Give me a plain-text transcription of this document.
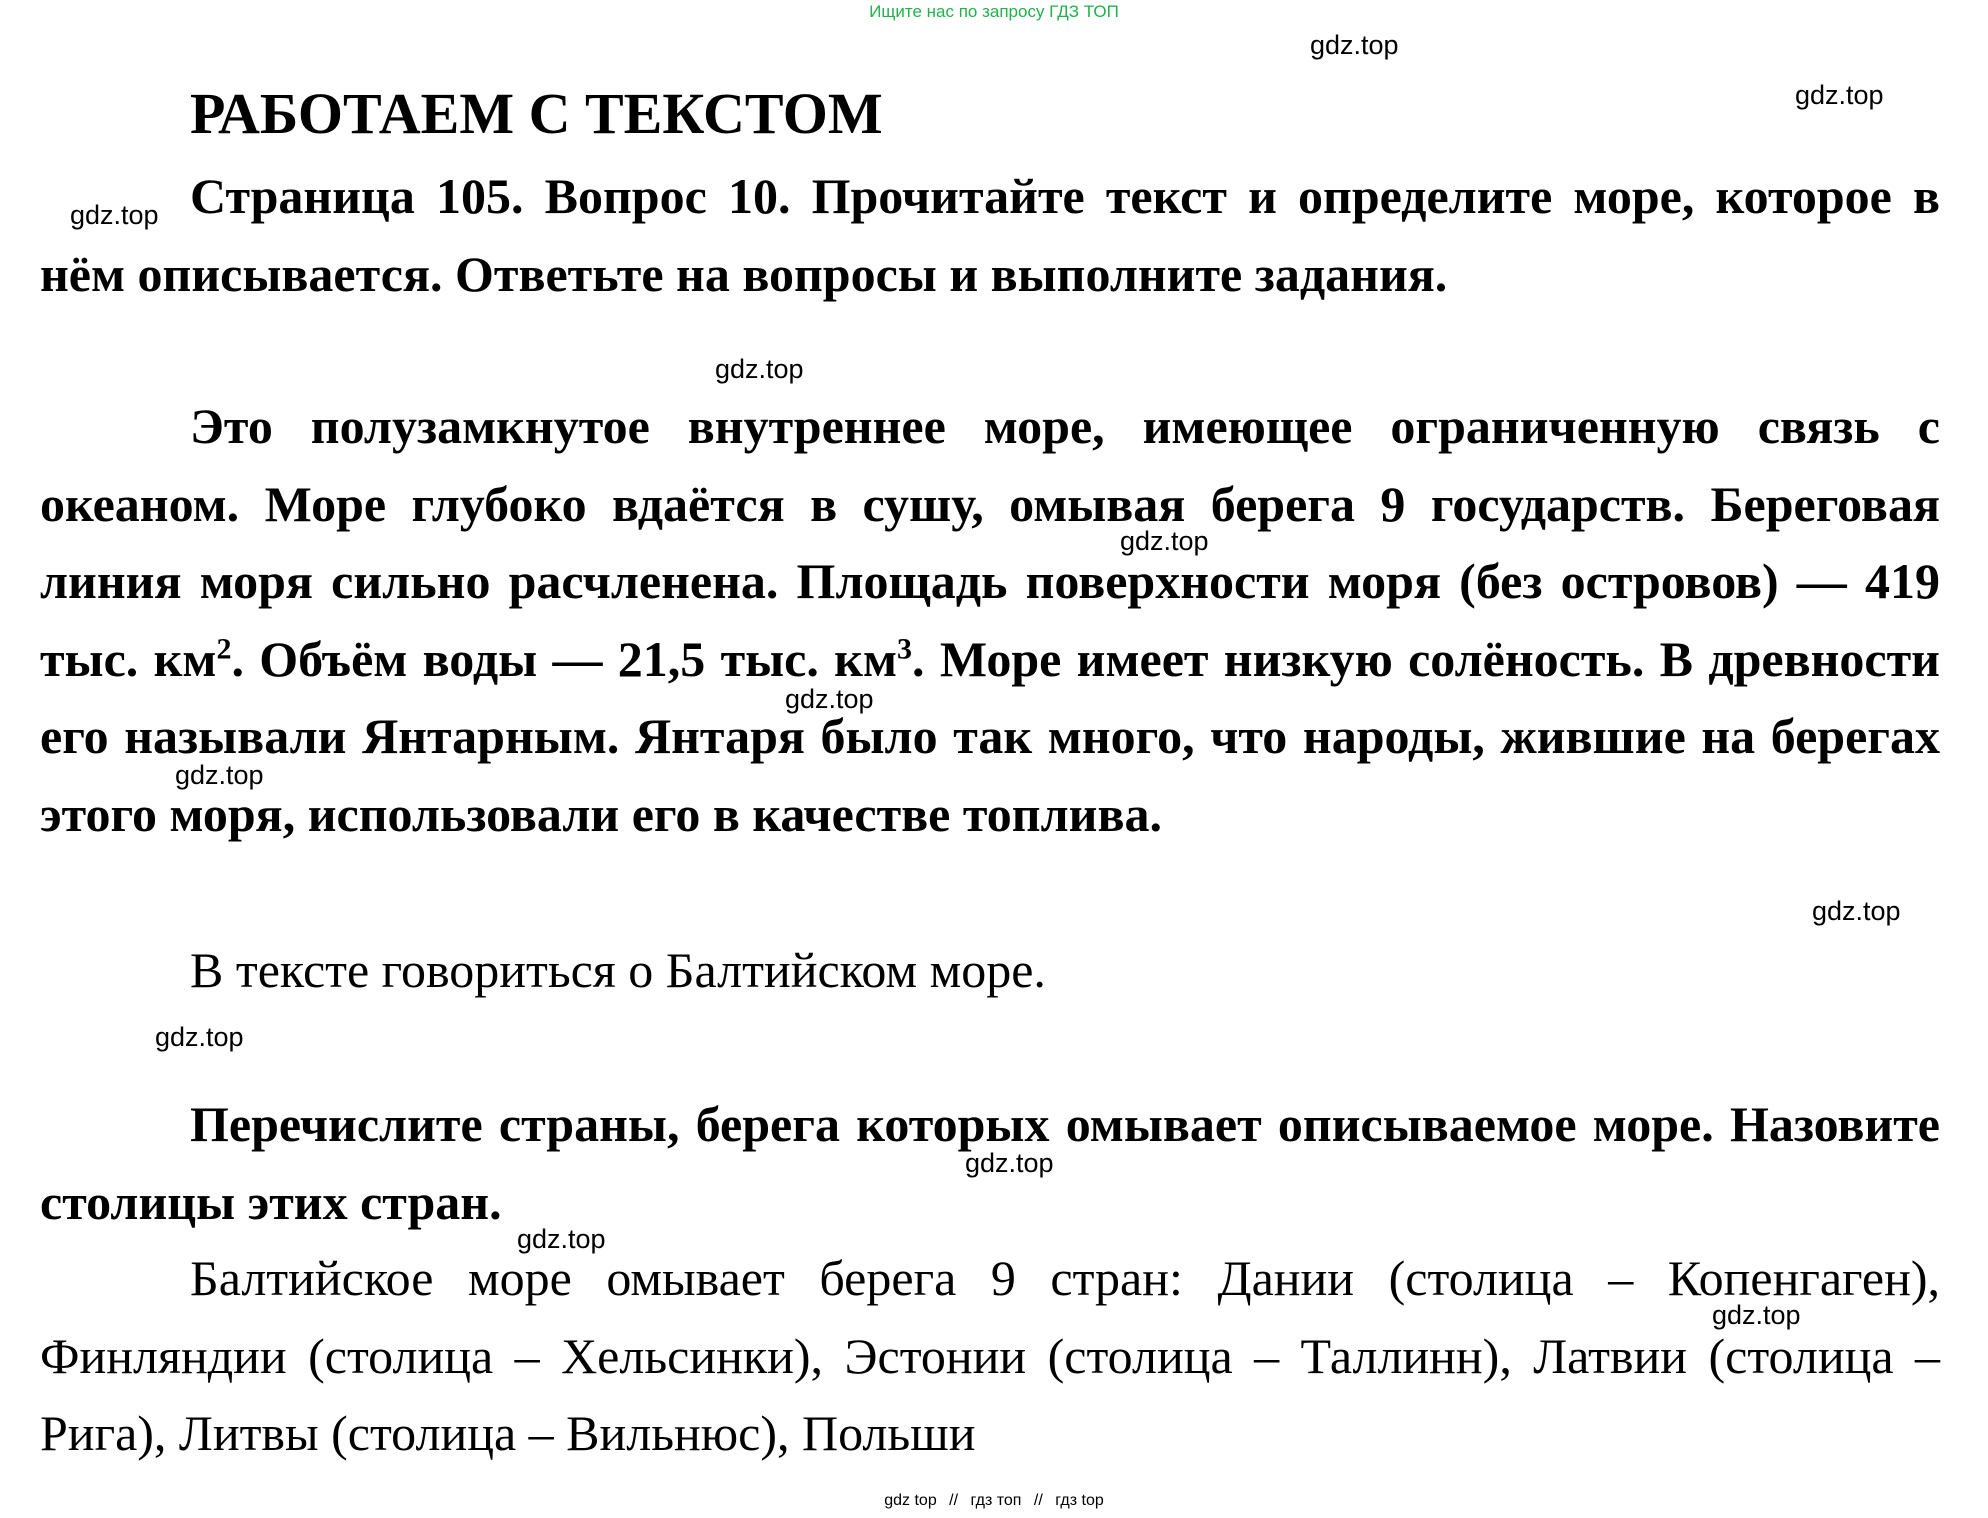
Ищите нас по запросу ГДЗ ТОП
РАБОТАЕМ С ТЕКСТОМ

Страница 105. Вопрос 10. Прочитайте текст и определите море, которое в нём описывается. Ответьте на вопросы и выполните задания.

Это полузамкнутое внутреннее море, имеющее ограниченную связь с океаном. Море глубоко вдаётся в сушу, омывая берега 9 государств. Береговая линия моря сильно расчленена. Площадь поверхности моря (без островов) — 419 тыс. $км^2$. Объём воды — 21,5 тыс. $км^3$. Море имеет низкую солёность. В древности его называли Янтарным. Янтаря было так много, что народы, жившие на берегах этого моря, использовали его в качестве топлива.

В тексте говориться о Балтийском море.

Перечислите страны, берега которых омывает описываемое море. Назовите столицы этих стран.

Балтийское море омывает берега 9 стран: Дании (столица – Копенгаген), Финляндии (столица – Хельсинки), Эстонии (столица – Таллинн), Латвии (столица – Рига), Литвы (столица – Вильнюс), Польши

gdz.top
gdz.top
gdz.top
gdz.top
gdz.top
gdz.top
gdz.top
gdz.top
gdz.top
gdz.top
gdz.top
gdz.top
gdz top // гдз топ // гдз top
